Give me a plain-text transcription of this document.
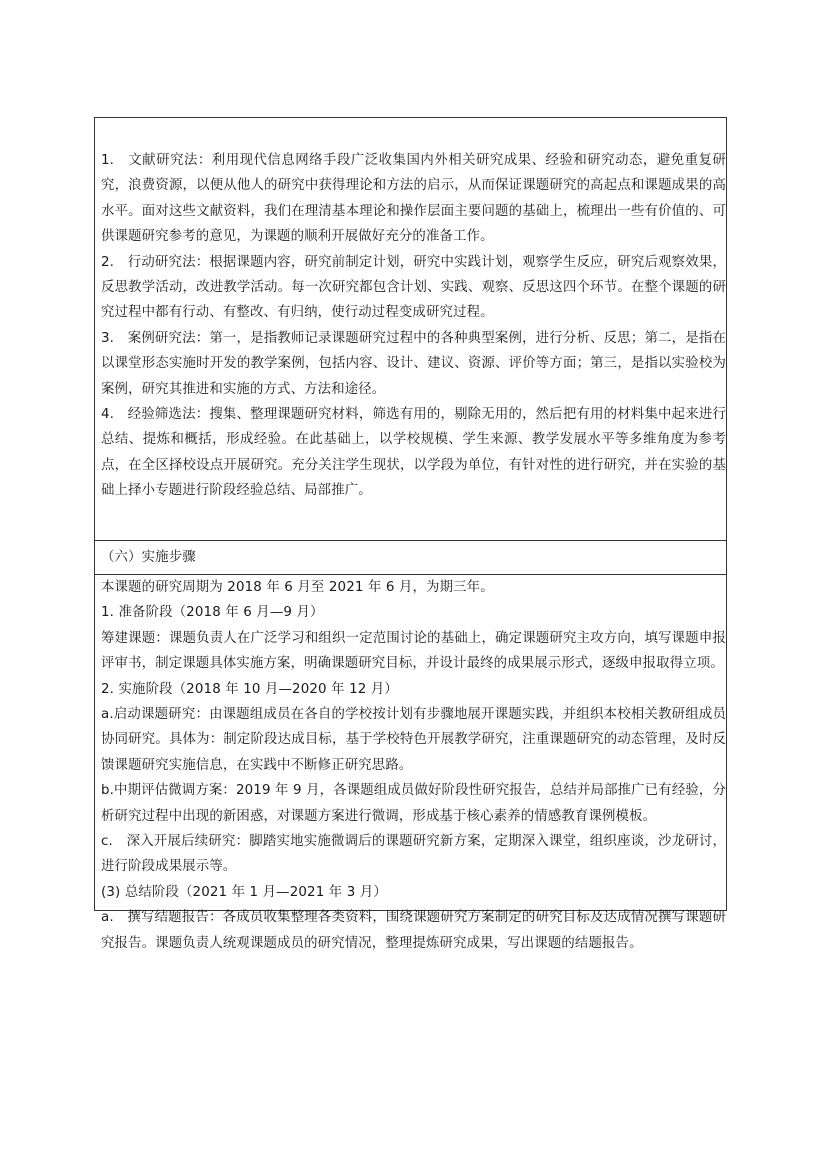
1.　文献研究法：利用现代信息网络手段广泛收集国内外相关研究成果、经验和研究动态，避免重复研究，浪费资源，以便从他人的研究中获得理论和方法的启示，从而保证课题研究的高起点和课题成果的高水平。面对这些文献资料，我们在理清基本理论和操作层面主要问题的基础上，梳理出一些有价值的、可供课题研究参考的意见，为课题的顺利开展做好充分的准备工作。

2.　行动研究法：根据课题内容，研究前制定计划，研究中实践计划，观察学生反应，研究后观察效果，反思教学活动，改进教学活动。每一次研究都包含计划、实践、观察、反思这四个环节。在整个课题的研究过程中都有行动、有整改、有归纳，使行动过程变成研究过程。

3.　案例研究法：第一，是指教师记录课题研究过程中的各种典型案例，进行分析、反思；第二，是指在以课堂形态实施时开发的教学案例，包括内容、设计、建议、资源、评价等方面；第三，是指以实验校为案例，研究其推进和实施的方式、方法和途径。

4.　经验筛选法：搜集、整理课题研究材料，筛选有用的，剔除无用的，然后把有用的材料集中起来进行总结、提炼和概括，形成经验。在此基础上，以学校规模、学生来源、教学发展水平等多维角度为参考点，在全区择校设点开展研究。充分关注学生现状，以学段为单位，有针对性的进行研究，并在实验的基础上择小专题进行阶段经验总结、局部推广。

（六）实施步骤

本课题的研究周期为 2018 年 6 月至 2021 年 6 月，为期三年。

1. 准备阶段（2018 年 6 月—9 月）

筹建课题：课题负责人在广泛学习和组织一定范围讨论的基础上，确定课题研究主攻方向，填写课题申报评审书，制定课题具体实施方案，明确课题研究目标，并设计最终的成果展示形式，逐级申报取得立项。

2. 实施阶段（2018 年 10 月—2020 年 12 月）

a.启动课题研究：由课题组成员在各自的学校按计划有步骤地展开课题实践，并组织本校相关教研组成员协同研究。具体为：制定阶段达成目标，基于学校特色开展教学研究，注重课题研究的动态管理，及时反馈课题研究实施信息，在实践中不断修正研究思路。

b.中期评估微调方案：2019 年 9 月，各课题组成员做好阶段性研究报告，总结并局部推广已有经验，分析研究过程中出现的新困惑，对课题方案进行微调，形成基于核心素养的情感教育课例模板。

c.　深入开展后续研究：脚踏实地实施微调后的课题研究新方案，定期深入课堂，组织座谈，沙龙研讨，进行阶段成果展示等。

(3) 总结阶段（2021 年 1 月—2021 年 3 月）

a.　撰写结题报告：各成员收集整理各类资料，围绕课题研究方案制定的研究目标及达成情况撰写课题研究报告。课题负责人统观课题成员的研究情况，整理提炼研究成果，写出课题的结题报告。
